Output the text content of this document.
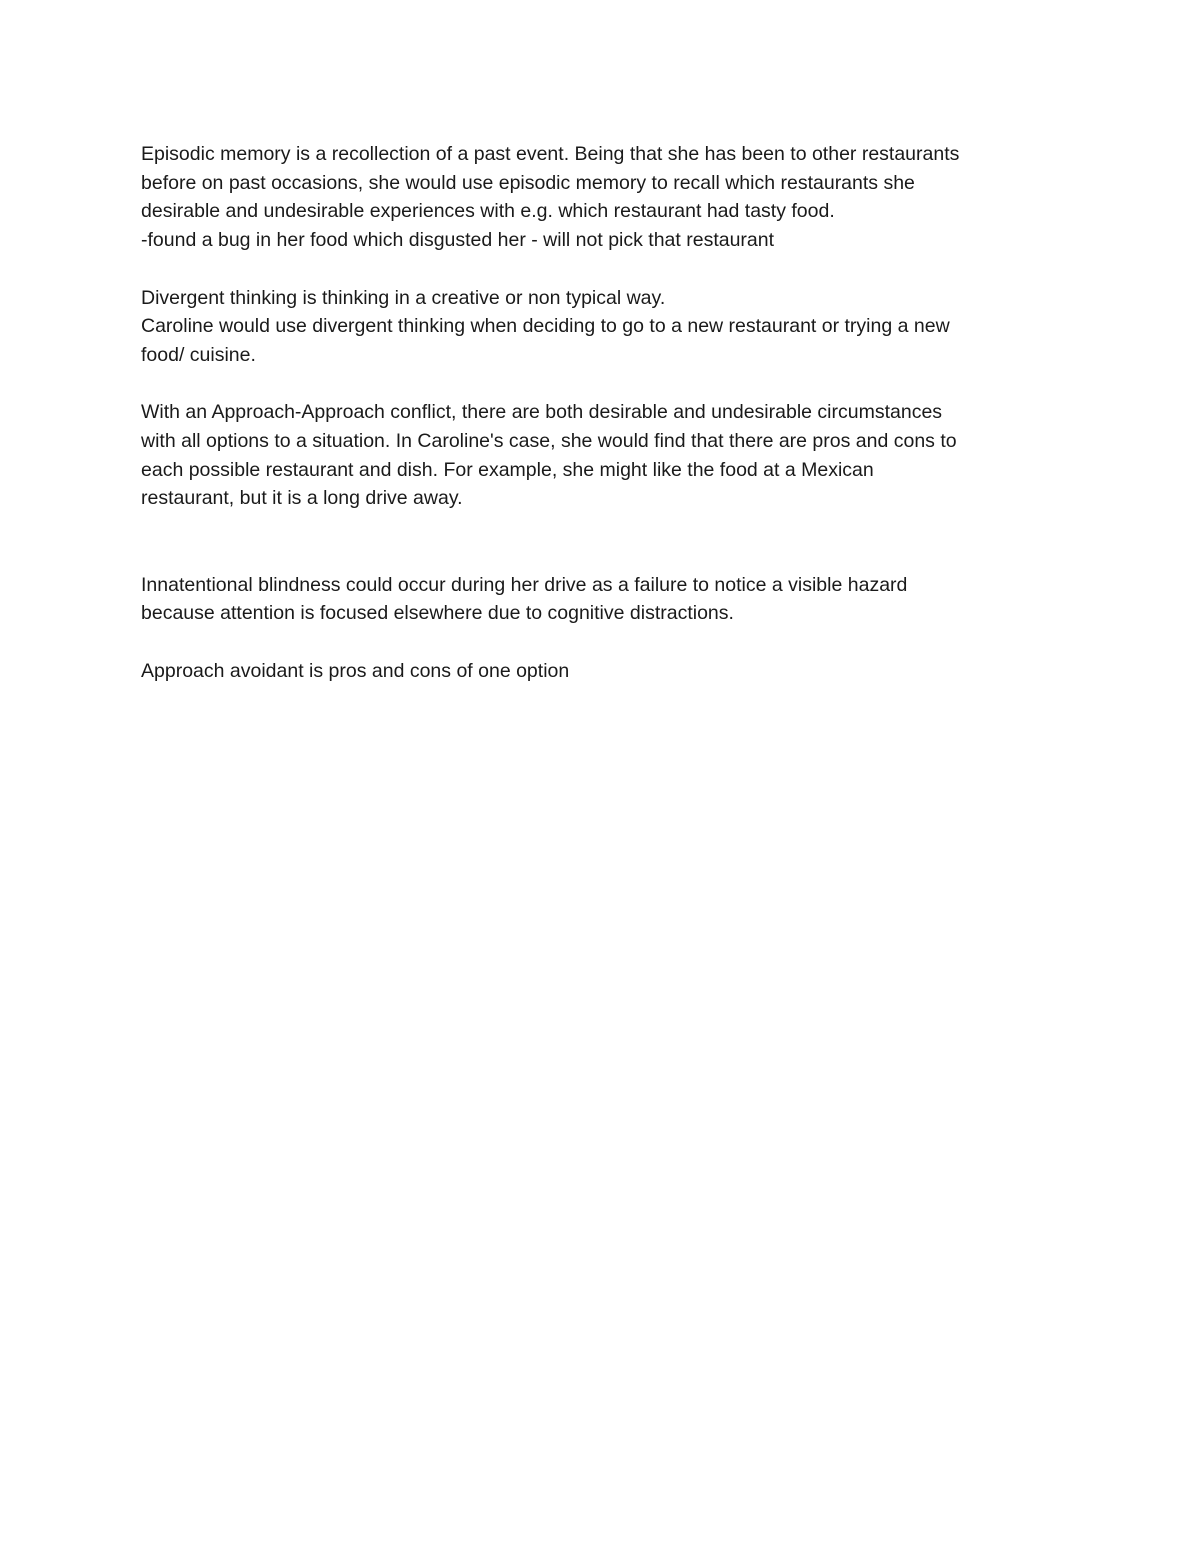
Episodic memory is a recollection of a past event. Being that she has been to other restaurants
before on past occasions, she would use episodic memory to recall which restaurants she
desirable and undesirable experiences with e.g. which restaurant had tasty food.
-found a bug in her food which disgusted her - will not pick that restaurant
Divergent thinking is thinking in a creative or non typical way.
Caroline would use divergent thinking when deciding to go to a new restaurant or trying a new
food/ cuisine.
With an Approach-Approach conflict, there are both desirable and undesirable circumstances
with all options to a situation. In Caroline's case, she would find that there are pros and cons to
each possible restaurant and dish. For example, she might like the food at a Mexican
restaurant, but it is a long drive away.
Innatentional blindness could occur during her drive as a failure to notice a visible hazard
because attention is focused elsewhere due to cognitive distractions.
Approach avoidant is pros and cons of one option
